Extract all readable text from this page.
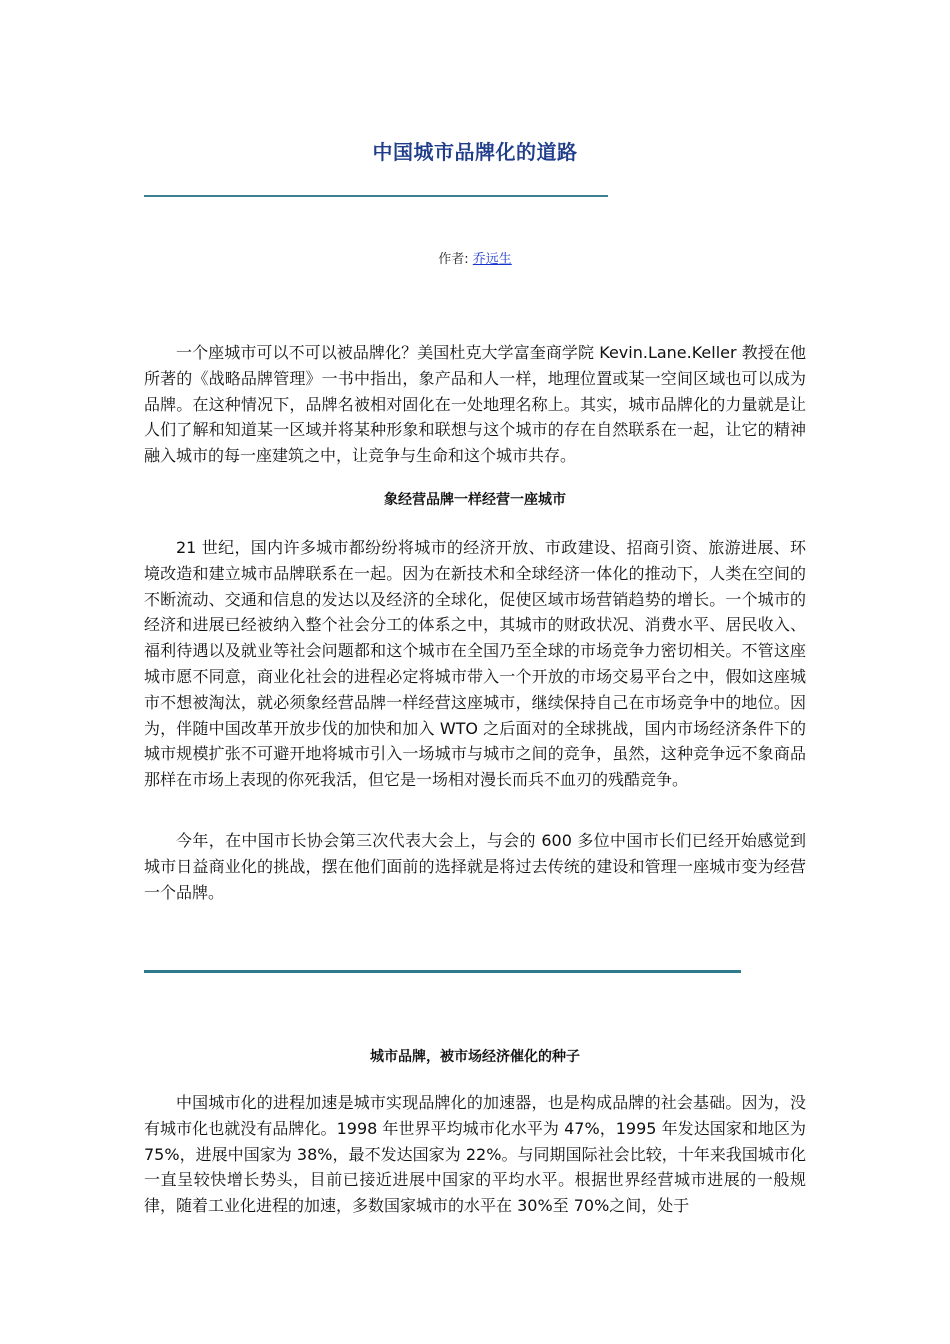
中国城市品牌化的道路
作者: 乔远生

一个座城市可以不可以被品牌化？美国杜克大学富奎商学院 Kevin.Lane.Keller 教授在他所著的《战略品牌管理》一书中指出，象产品和人一样，地理位置或某一空间区域也可以成为品牌。在这种情况下，品牌名被相对固化在一处地理名称上。其实，城市品牌化的力量就是让人们了解和知道某一区域并将某种形象和联想与这个城市的存在自然联系在一起，让它的精神融入城市的每一座建筑之中，让竞争与生命和这个城市共存。

象经营品牌一样经营一座城市

21 世纪，国内许多城市都纷纷将城市的经济开放、市政建设、招商引资、旅游进展、环境改造和建立城市品牌联系在一起。因为在新技术和全球经济一体化的推动下，人类在空间的不断流动、交通和信息的发达以及经济的全球化，促使区域市场营销趋势的增长。一个城市的经济和进展已经被纳入整个社会分工的体系之中，其城市的财政状况、消费水平、居民收入、福利待遇以及就业等社会问题都和这个城市在全国乃至全球的市场竞争力密切相关。不管这座城市愿不同意，商业化社会的进程必定将城市带入一个开放的市场交易平台之中，假如这座城市不想被淘汰，就必须象经营品牌一样经营这座城市，继续保持自己在市场竞争中的地位。因为，伴随中国改革开放步伐的加快和加入 WTO 之后面对的全球挑战，国内市场经济条件下的城市规模扩张不可避开地将城市引入一场城市与城市之间的竞争，虽然，这种竞争远不象商品那样在市场上表现的你死我活，但它是一场相对漫长而兵不血刃的残酷竞争。

今年，在中国市长协会第三次代表大会上，与会的 600 多位中国市长们已经开始感觉到城市日益商业化的挑战，摆在他们面前的选择就是将过去传统的建设和管理一座城市变为经营一个品牌。

城市品牌，被市场经济催化的种子

中国城市化的进程加速是城市实现品牌化的加速器，也是构成品牌的社会基础。因为，没有城市化也就没有品牌化。1998 年世界平均城市化水平为 47%，1995 年发达国家和地区为 75%，进展中国家为 38%，最不发达国家为 22%。与同期国际社会比较，十年来我国城市化一直呈较快增长势头，目前已接近进展中国家的平均水平。根据世界经营城市进展的一般规律，随着工业化进程的加速，多数国家城市的水平在 30%至 70%之间，处于
